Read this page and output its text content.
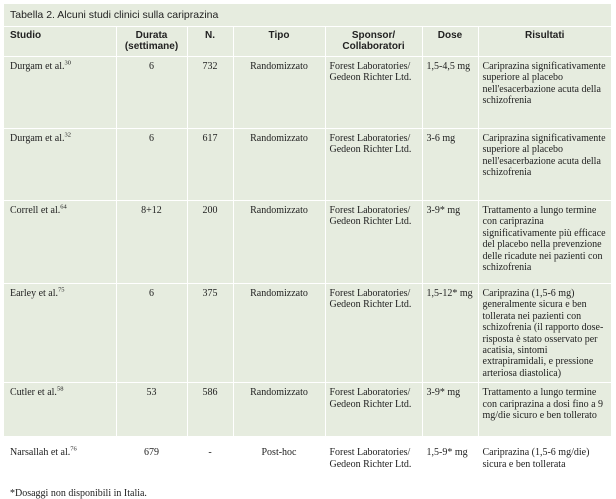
Tabella 2. Alcuni studi clinici sulla cariprazina
Studio	Durata (settimane)	N.	Tipo	Sponsor/ Collaboratori	Dose	Risultati
Durgam et al.$^{30}$	6	732	Randomizzato	Forest Laboratories/ Gedeon Richter Ltd.	1,5-4,5 mg	Cariprazina significativamente superiore al placebo nell'esacerbazione acuta della schizofrenia
Durgam et al.$^{32}$	6	617	Randomizzato	Forest Laboratories/ Gedeon Richter Ltd.	3-6 mg	Cariprazina significativamente superiore al placebo nell'esacerbazione acuta della schizofrenia
Correll et al.$^{64}$	8+12	200	Randomizzato	Forest Laboratories/ Gedeon Richter Ltd.	3-9* mg	Trattamento a lungo termine con cariprazina significativamente più efficace del placebo nella prevenzione delle ricadute nei pazienti con schizofrenia
Earley et al.$^{75}$	6	375	Randomizzato	Forest Laboratories/ Gedeon Richter Ltd.	1,5-12* mg	Cariprazina (1,5-6 mg) generalmente sicura e ben tollerata nei pazienti con schizofrenia (il rapporto dose-risposta è stato osservato per acatisia, sintomi extrapiramidali, e pressione arteriosa diastolica)
Cutler et al.$^{58}$	53	586	Randomizzato	Forest Laboratories/ Gedeon Richter Ltd.	3-9* mg	Trattamento a lungo termine con cariprazina a dosi fino a 9 mg/die sicuro e ben tollerato
Narsallah et al.$^{76}$	679	-	Post-hoc	Forest Laboratories/ Gedeon Richter Ltd.	1,5-9* mg	Cariprazina (1,5-6 mg/die) sicura e ben tollerata
*Dosaggi non disponibili in Italia.
